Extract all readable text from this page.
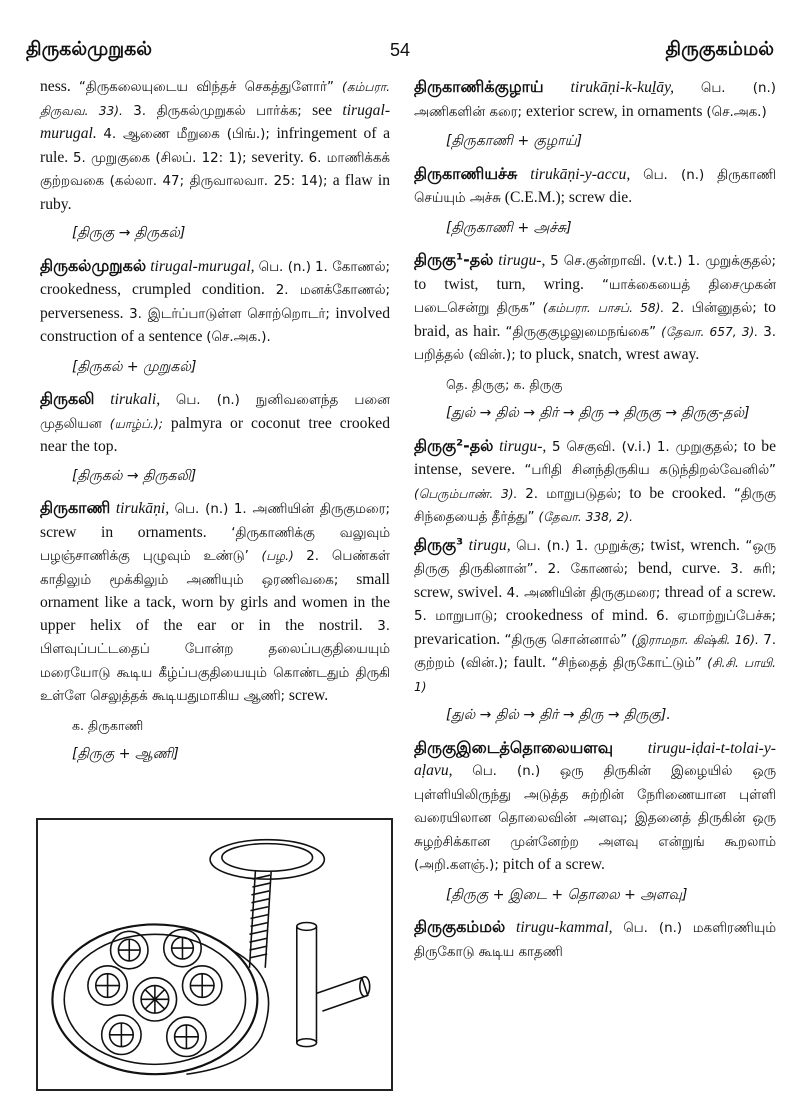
திருகல்முறுகல்	54	திருகுகம்மல்

ness. “திருகலையுடைய விந்தச் செகத்துளோர்” (கம்பரா. திருவவ. 33). 3. திருகல்முறுகல் பார்க்க; see tirugal-murugal. 4. ஆணை மீறுகை (பிங்.); infringement of a rule. 5. முறுகுகை (சிலப். 12: 1); severity. 6. மாணிக்கக் குற்றவகை (கல்லா. 47; திருவாலவா. 25: 14); a flaw in ruby.

[திருகு → திருகல்]

திருகல்முறுகல் tirugal-murugal, பெ. (n.) 1. கோணல்; crookedness, crumpled condition. 2. மனக்கோணல்; perverseness. 3. இடர்ப்பாடுள்ள சொற்றொடர்; involved construction of a sentence (செ.அக.).

[திருகல் + முறுகல்]

திருகலி tirukali, பெ. (n.) நுனிவளைந்த பனை முதலியன (யாழ்ப்.); palmyra or coconut tree crooked near the top.

[திருகல் → திருகலி]

திருகாணி tirukāṇi, பெ. (n.) 1. அணியின் திருகுமரை; screw in ornaments. ‘திருகாணிக்கு வலுவும் பழஞ்சாணிக்கு புழுவும் உண்டு’ (பழ.) 2. பெண்கள் காதிலும் மூக்கிலும் அணியும் ஒரணிவகை; small ornament like a tack, worn by girls and women in the upper helix of the ear or in the nostril. 3. பிளவுப்பட்டதைப் போன்ற தலைப்பகுதியையும் மரையோடு கூடிய கீழ்ப்பகுதியையும் கொண்டதும் திருகி உள்ளே செலுத்தக் கூடியதுமாகிய ஆணி; screw.

க. திருகாணி

[திருகு + ஆணி]

திருகாணிக்குழாய் tirukāṇi-k-kuḻāy, பெ. (n.) அணிகளின் கரை; exterior screw, in ornaments (செ.அக.)

[திருகாணி + குழாய்]

திருகாணியச்சு tirukāṇi-y-accu, பெ. (n.) திருகாணி செய்யும் அச்சு (C.E.M.); screw die.

[திருகாணி + அச்சு]

திருகு¹-தல் tirugu-, 5 செ.குன்றாவி. (v.t.) 1. முறுக்குதல்; to twist, turn, wring. “யாக்கையைத் திசைமுகன் படைசென்று திருக” (கம்பரா. பாசப். 58). 2. பின்னுதல்; to braid, as hair. “திருகுகுழலுமைநங்கை” (தேவா. 657, 3). 3. பறித்தல் (வின்.); to pluck, snatch, wrest away.

தெ. திருகு; க. திருகு

[துல் → தில் → திர் → திரு → திருகு → திருகு-தல்]

திருகு²-தல் tirugu-, 5 செகுவி. (v.i.) 1. முறுகுதல்; to be intense, severe. “பரிதி சினந்திருகிய கடுந்திறல்வேனில்” (பெரும்பாண். 3). 2. மாறுபடுதல்; to be crooked. “திருகு சிந்தையைத் தீர்த்து” (தேவா. 338, 2).

திருகு³ tirugu, பெ. (n.) 1. முறுக்கு; twist, wrench. “ஒரு திருகு திருகினான்”. 2. கோணல்; bend, curve. 3. சுரி; screw, swivel. 4. அணியின் திருகுமரை; thread of a screw. 5. மாறுபாடு; crookedness of mind. 6. ஏமாற்றுப்பேச்சு; prevarication. “திருகு சொன்னால்” (இராமநா. கிஷ்கி. 16). 7. குற்றம் (வின்.); fault. “சிந்தைத் திருகோட்டும்” (சி.சி. பாயி. 1)

[துல் → தில் → திர் → திரு → திருகு].

திருகுஇடைத்தொலையளவு tirugu-iḍai-t-tolai-y-aḷavu, பெ. (n.) ஒரு திருகின் இழையில் ஒரு புள்ளியிலிருந்து அடுத்த சுற்றின் நேரிணையான புள்ளி வரையிலான தொலைவின் அளவு; இதனைத் திருகின் ஒரு சுழற்சிக்கான முன்னேற்ற அளவு என்றுங் கூறலாம் (அறி.களஞ்.); pitch of a screw.

[திருகு + இடை + தொலை + அளவு]

திருகுகம்மல் tirugu-kammal, பெ. (n.) மகளிரணியும் திருகோடு கூடிய காதணி
